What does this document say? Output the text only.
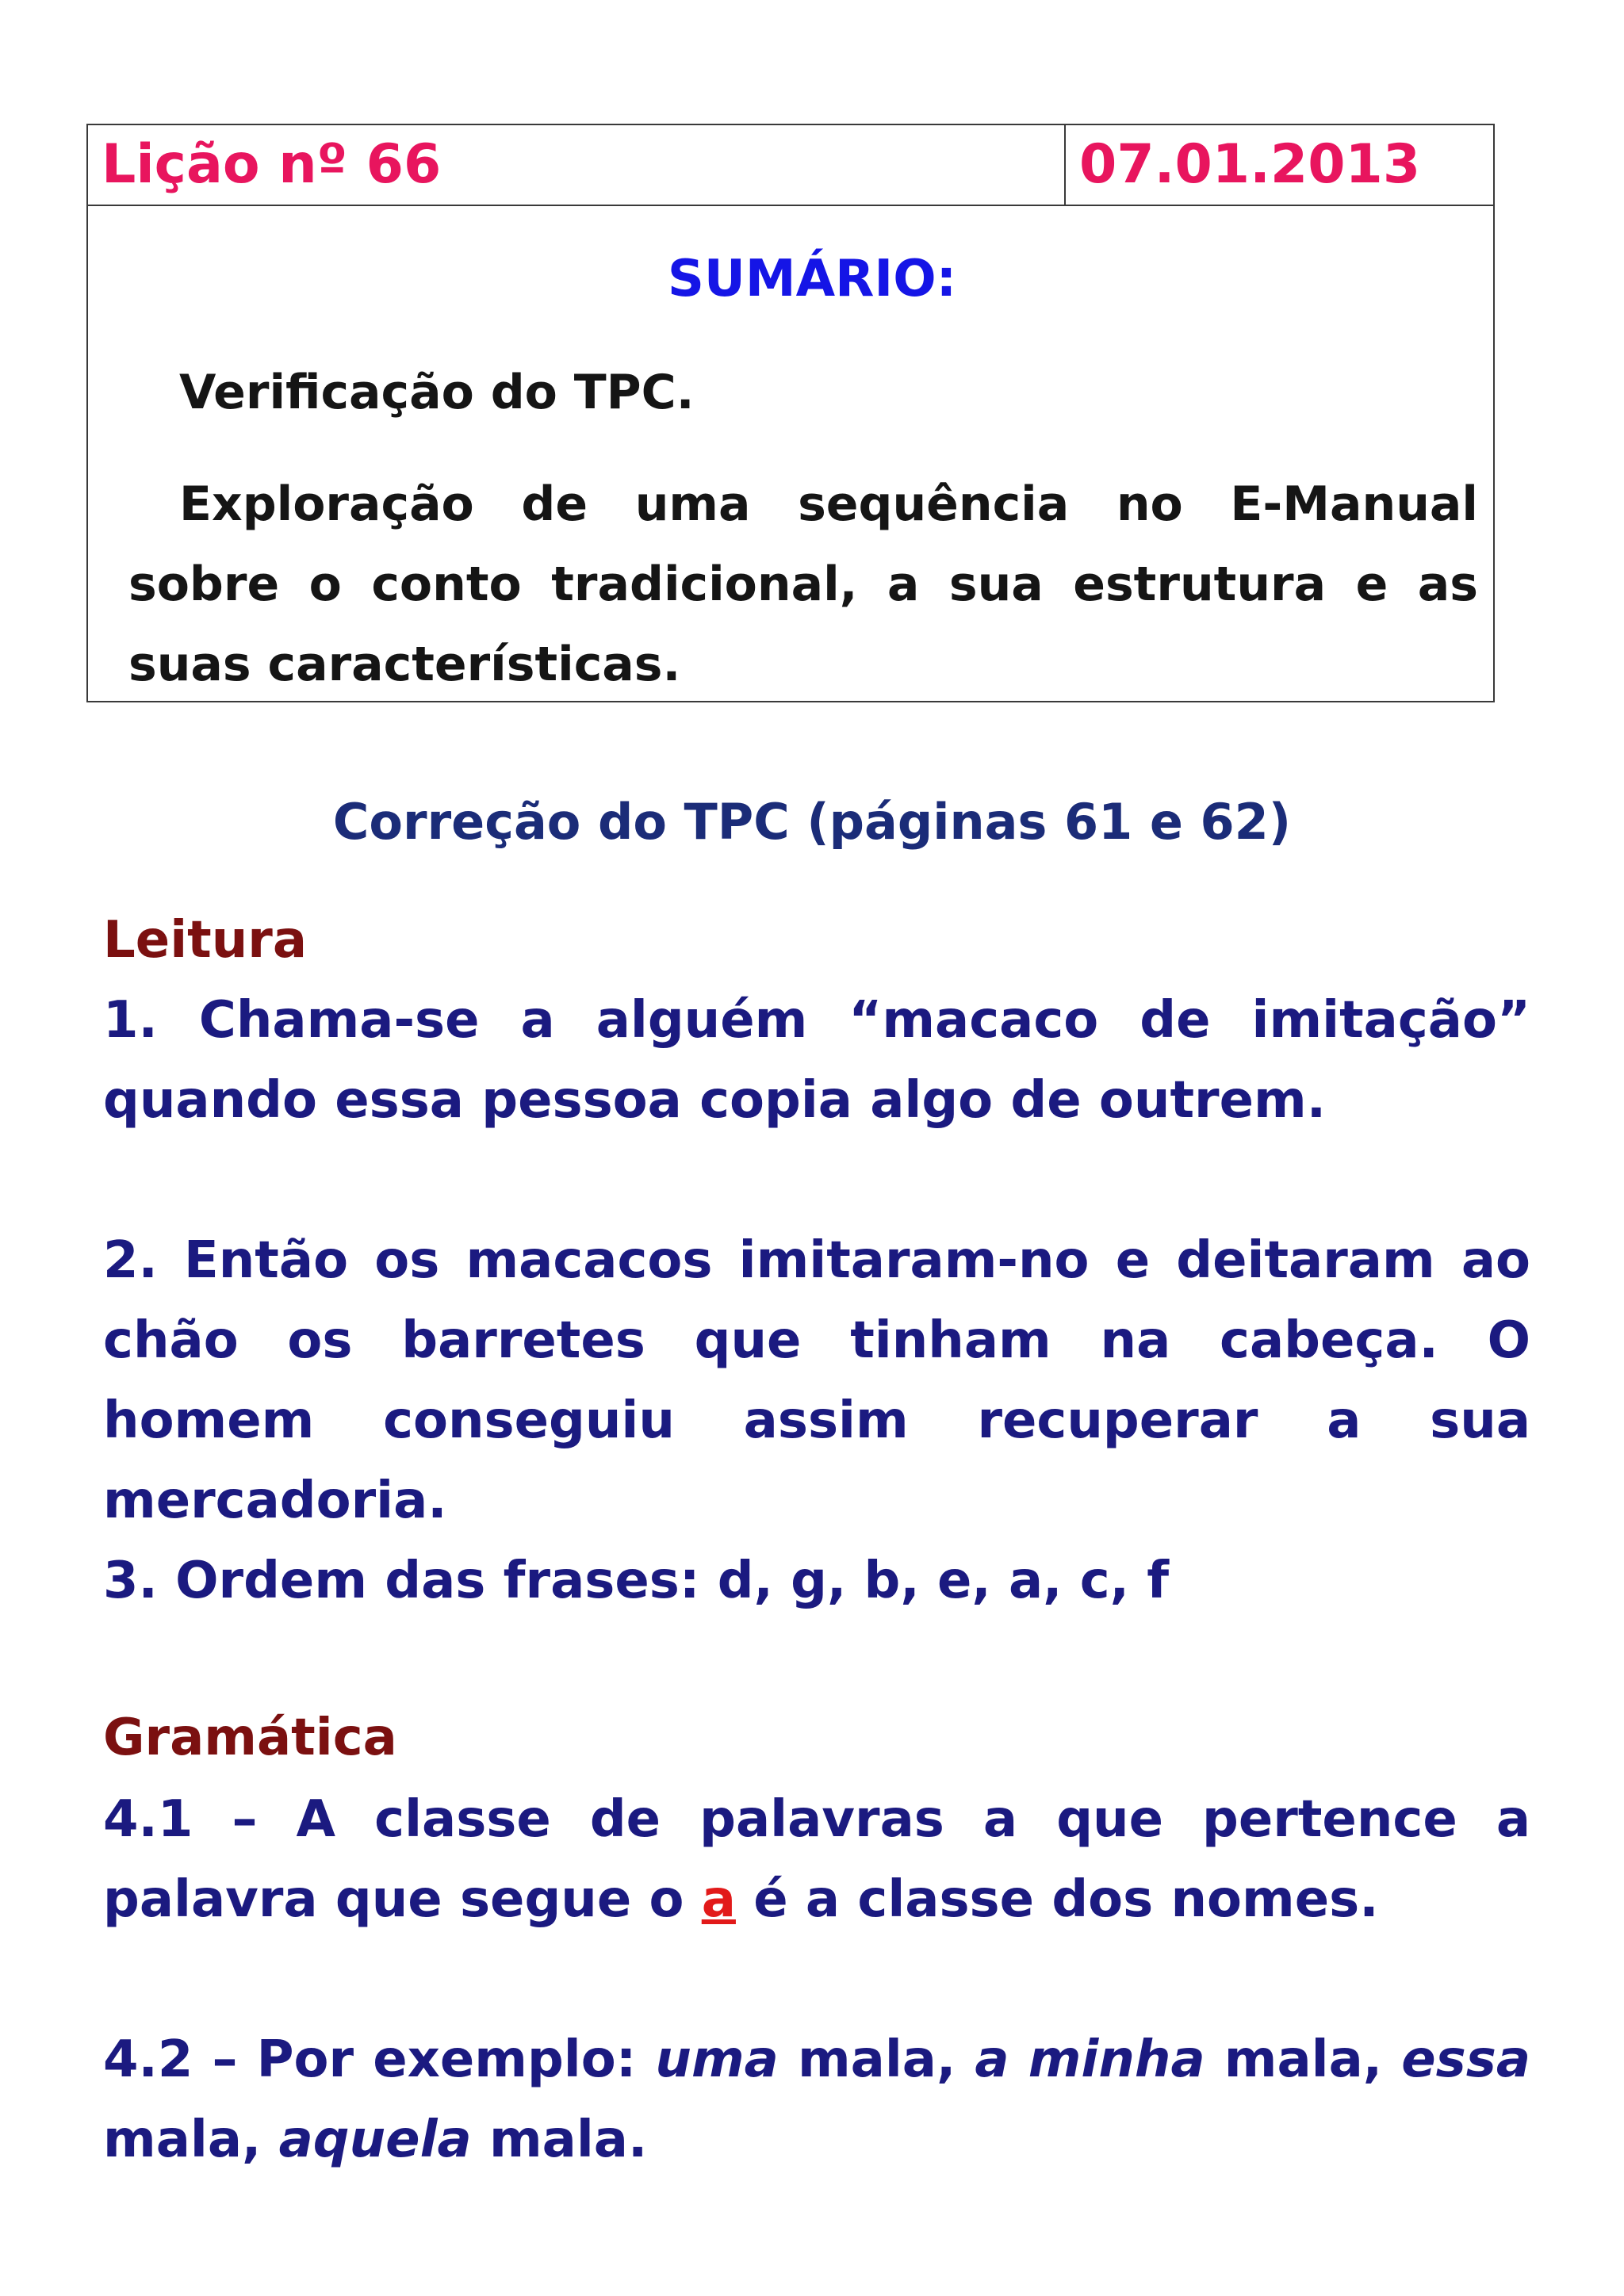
Lição nº 66	07.01.2013
SUMÁRIO:
Verificação do TPC.
Exploração de uma sequência no E-Manual sobre o conto tradicional, a sua estrutura e as suas características.
Correção do TPC (páginas 61 e 62)
Leitura
1. Chama-se a alguém “macaco de imitação” quando essa pessoa copia algo de outrem.
2. Então os macacos imitaram-no e deitaram ao chão os barretes que tinham na cabeça. O homem conseguiu assim recuperar a sua mercadoria.
3. Ordem das frases: d, g, b, e, a, c, f
Gramática
4.1 – A classe de palavras a que pertence a palavra que segue o a é a classe dos nomes.
4.2 – Por exemplo: uma mala, a minha mala, essa mala, aquela mala.
